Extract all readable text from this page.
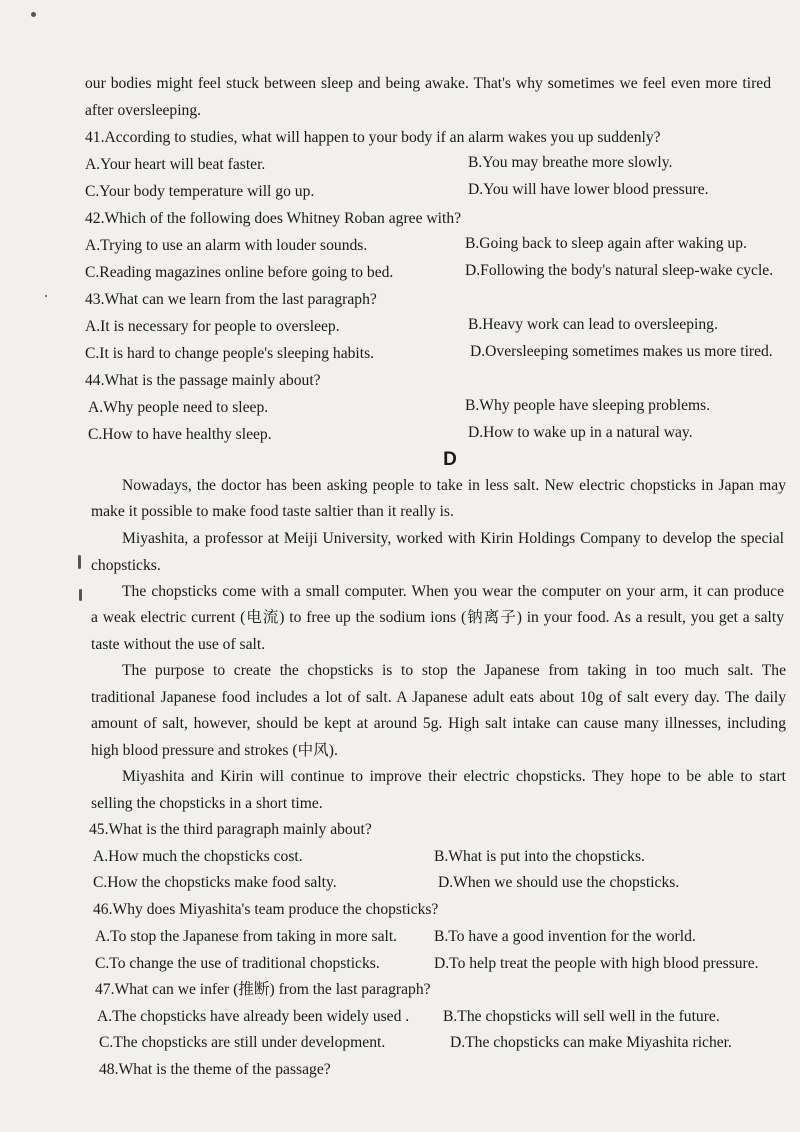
our bodies might feel stuck between sleep and being awake. That's why sometimes we feel even more tired
after oversleeping.
41.According to studies, what will happen to your body if an alarm wakes you up suddenly?
A.Your heart will beat faster.	B.You may breathe more slowly.
C.Your body temperature will go up.	D.You will have lower blood pressure.
42.Which of the following does Whitney Roban agree with?
A.Trying to use an alarm with louder sounds.	B.Going back to sleep again after waking up.
C.Reading magazines online before going to bed.	D.Following the body's natural sleep-wake cycle.
43.What can we learn from the last paragraph?
A.It is necessary for people to oversleep.	B.Heavy work can lead to oversleeping.
C.It is hard to change people's sleeping habits.	D.Oversleeping sometimes makes us more tired.
44.What is the passage mainly about?
A.Why people need to sleep.	B.Why people have sleeping problems.
C.How to have healthy sleep.	D.How to wake up in a natural way.
D
Nowadays, the doctor has been asking people to take in less salt. New electric chopsticks in Japan may
make it possible to make food taste saltier than it really is.
Miyashita, a professor at Meiji University, worked with Kirin Holdings Company to develop the special
chopsticks.
The chopsticks come with a small computer. When you wear the computer on your arm, it can produce
a weak electric current (电流) to free up the sodium ions (钠离子) in your food. As a result, you get a salty
taste without the use of salt.
The purpose to create the chopsticks is to stop the Japanese from taking in too much salt. The
traditional Japanese food includes a lot of salt. A Japanese adult eats about 10g of salt every day. The daily
amount of salt, however, should be kept at around 5g. High salt intake can cause many illnesses, including
high blood pressure and strokes (中风).
Miyashita and Kirin will continue to improve their electric chopsticks. They hope to be able to start
selling the chopsticks in a short time.
45.What is the third paragraph mainly about?
A.How much the chopsticks cost.	B.What is put into the chopsticks.
C.How the chopsticks make food salty.	D.When we should use the chopsticks.
46.Why does Miyashita's team produce the chopsticks?
A.To stop the Japanese from taking in more salt. B.To have a good invention for the world.
C.To change the use of traditional chopsticks.	D.To help treat the people with high blood pressure.
47.What can we infer (推断) from the last paragraph?
A.The chopsticks have already been widely used . B.The chopsticks will sell well in the future.
C.The chopsticks are still under development.	D.The chopsticks can make Miyashita richer.
48.What is the theme of the passage?
